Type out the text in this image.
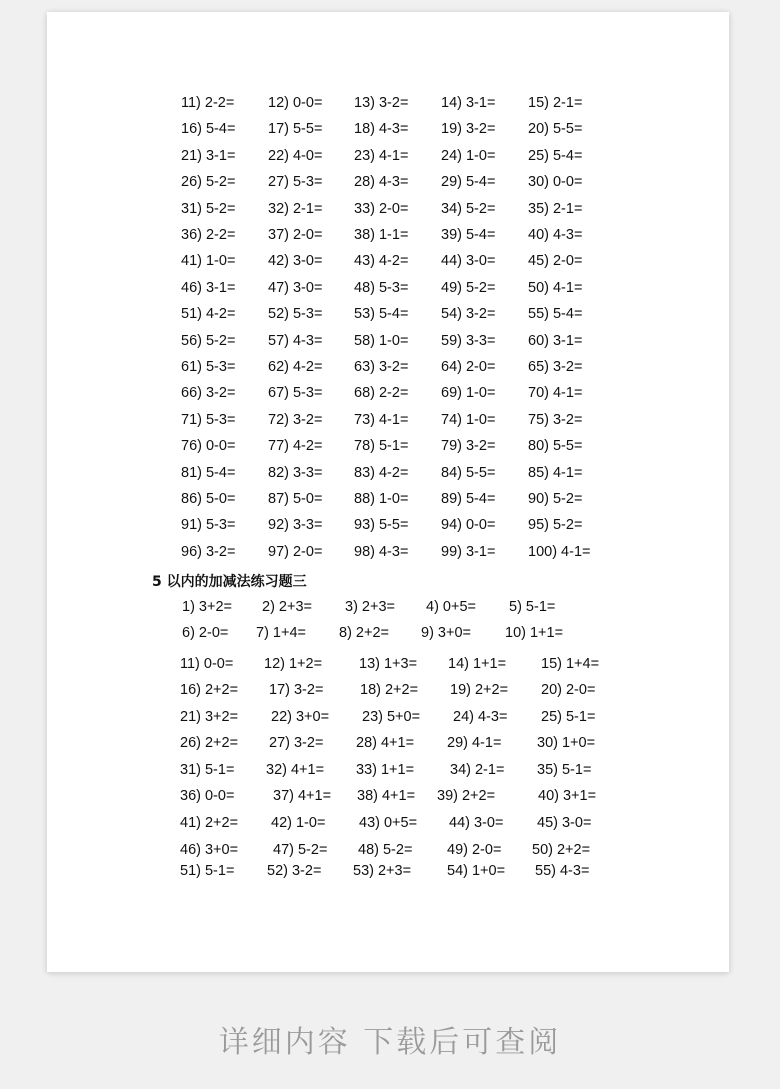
11) 2-2= 12) 0-0= 13) 3-2= 14) 3-1= 15) 2-1=
16) 5-4= 17) 5-5= 18) 4-3= 19) 3-2= 20) 5-5=
21) 3-1= 22) 4-0= 23) 4-1= 24) 1-0= 25) 5-4=
26) 5-2= 27) 5-3= 28) 4-3= 29) 5-4= 30) 0-0=
31) 5-2= 32) 2-1= 33) 2-0= 34) 5-2= 35) 2-1=
36) 2-2= 37) 2-0= 38) 1-1= 39) 5-4= 40) 4-3=
41) 1-0= 42) 3-0= 43) 4-2= 44) 3-0= 45) 2-0=
46) 3-1= 47) 3-0= 48) 5-3= 49) 5-2= 50) 4-1=
51) 4-2= 52) 5-3= 53) 5-4= 54) 3-2= 55) 5-4=
56) 5-2= 57) 4-3= 58) 1-0= 59) 3-3= 60) 3-1=
61) 5-3= 62) 4-2= 63) 3-2= 64) 2-0= 65) 3-2=
66) 3-2= 67) 5-3= 68) 2-2= 69) 1-0= 70) 4-1=
71) 5-3= 72) 3-2= 73) 4-1= 74) 1-0= 75) 3-2=
76) 0-0= 77) 4-2= 78) 5-1= 79) 3-2= 80) 5-5=
81) 5-4= 82) 3-3= 83) 4-2= 84) 5-5= 85) 4-1=
86) 5-0= 87) 5-0= 88) 1-0= 89) 5-4= 90) 5-2=
91) 5-3= 92) 3-3= 93) 5-5= 94) 0-0= 95) 5-2=
96) 3-2= 97) 2-0= 98) 4-3= 99) 3-1= 100) 4-1=
5 以内的加减法练习题三
1) 3+2= 2) 2+3= 3) 2+3= 4) 0+5= 5) 5-1=
6) 2-0= 7) 1+4= 8) 2+2= 9) 3+0= 10) 1+1=
11) 0-0= 12) 1+2=	13) 1+3= 14) 1+1= 15) 1+4=
16) 2+2= 17) 3-2=	18) 2+2= 19) 2+2= 20) 2-0=
21) 3+2= 22) 3+0= 23) 5+0= 24) 4-3= 25) 5-1=
26) 2+2= 27) 3-2= 28) 4+1= 29) 4-1= 30) 1+0=
31) 5-1= 32) 4+1= 33) 1+1= 34) 2-1= 35) 5-1=
36) 0-0=	37) 4+1= 38) 4+1= 39) 2+2=	40) 3+1=
41) 2+2= 42) 1-0= 43) 0+5= 44) 3-0= 45) 3-0=
46) 3+0= 47) 5-2= 48) 5-2= 49) 2-0= 50) 2+2=
51) 5-1= 52) 3-2= 53) 2+3= 54) 1+0= 55) 4-3=
详细内容 下载后可查阅
